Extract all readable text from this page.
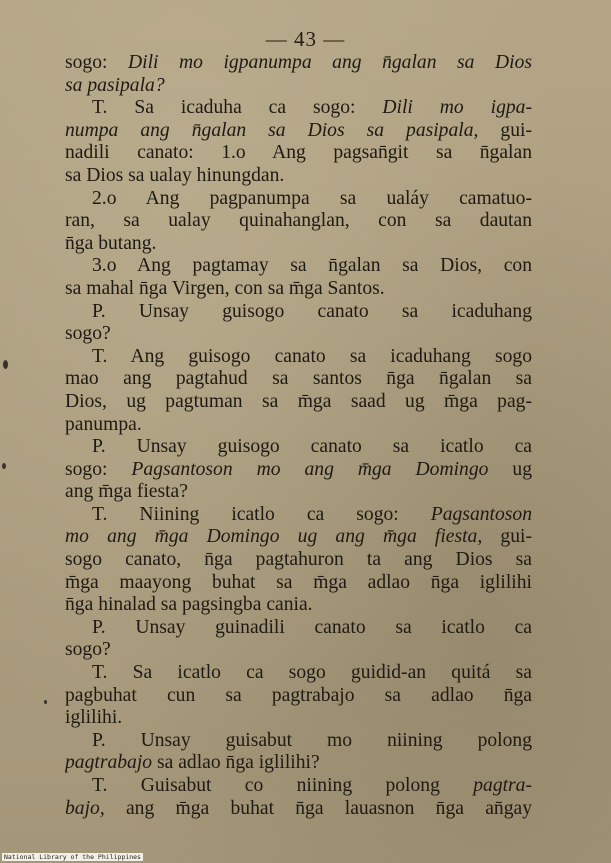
— 43 —
sogo: Dili mo igpanumpa ang n̄galan sa Dios
sa pasipala?
T. Sa icaduha ca sogo: Dili mo igpa-
numpa ang n̄galan sa Dios sa pasipala, gui-
nadili canato: 1.o Ang pagsan̄git sa n̄galan
sa Dios sa ualay hinungdan.
2.o Ang pagpanumpa sa ualáy camatuo-
ran, sa ualay quinahanglan, con sa dautan
n̄ga butang.
3.o Ang pagtamay sa n̄galan sa Dios, con
sa mahal n̄ga Virgen, con sa m̄ga Santos.
P. Unsay guisogo canato sa icaduhang
sogo?
T. Ang guisogo canato sa icaduhang sogo
mao ang pagtahud sa santos n̄ga n̄galan sa
Dios, ug pagtuman sa m̄ga saad ug m̄ga pag-
panumpa.
P. Unsay guisogo canato sa icatlo ca
sogo: Pagsantoson mo ang m̄ga Domingo ug
ang m̄ga fiesta?
T. Niining icatlo ca sogo: Pagsantoson
mo ang m̄ga Domingo ug ang m̄ga fiesta, gui-
sogo canato, n̄ga pagtahuron ta ang Dios sa
m̄ga maayong buhat sa m̄ga adlao n̄ga iglilihi
n̄ga hinalad sa pagsingba cania.
P. Unsay guinadili canato sa icatlo ca
sogo?
T. Sa icatlo ca sogo guidid-an quitá sa
pagbuhat cun sa pagtrabajo sa adlao n̄ga
iglilihi.
P. Unsay guisabut mo niining polong
pagtrabajo sa adlao n̄ga iglilihi?
T. Guisabut co niining polong pagtra-
bajo, ang m̄ga buhat n̄ga lauasnon n̄ga an̄gay
National Library of the Philippines
